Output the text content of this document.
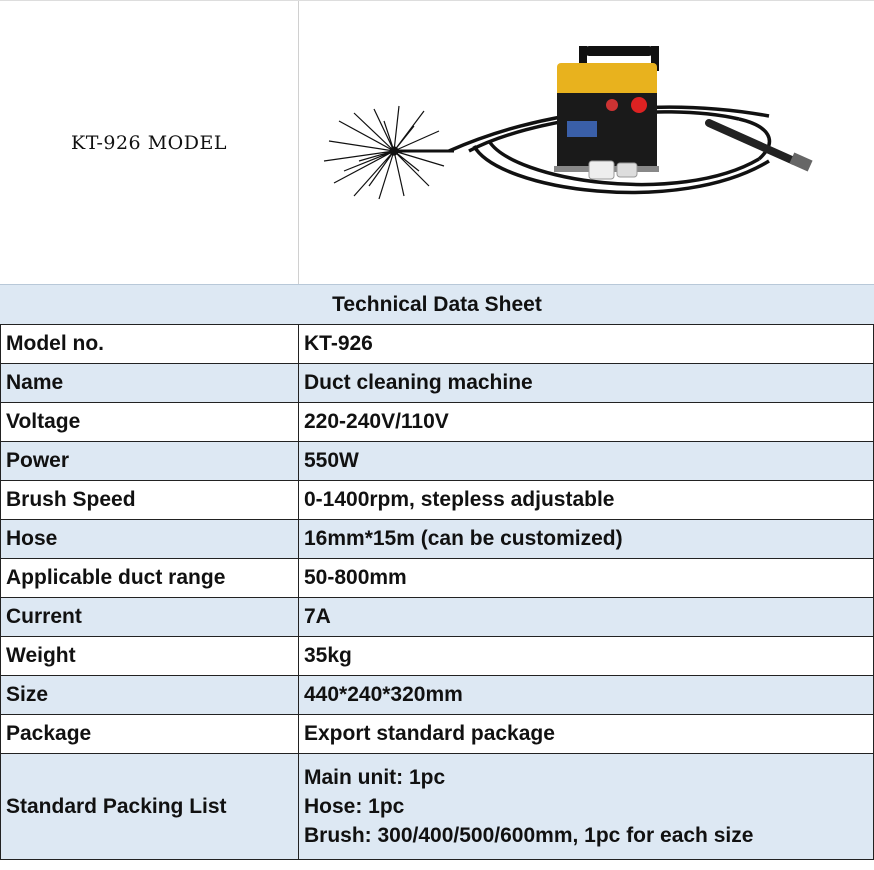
KT-926 MODEL
Technical Data Sheet
Model no.	KT-926
Name	Duct cleaning machine
Voltage	220-240V/110V
Power	550W
Brush Speed	0-1400rpm, stepless adjustable
Hose	16mm*15m (can be customized)
Applicable duct range	50-800mm
Current	7A
Weight	35kg
Size	440*240*320mm
Package	Export standard package
Standard Packing List	Main unit: 1pc
Hose: 1pc
Brush: 300/400/500/600mm, 1pc for each size
